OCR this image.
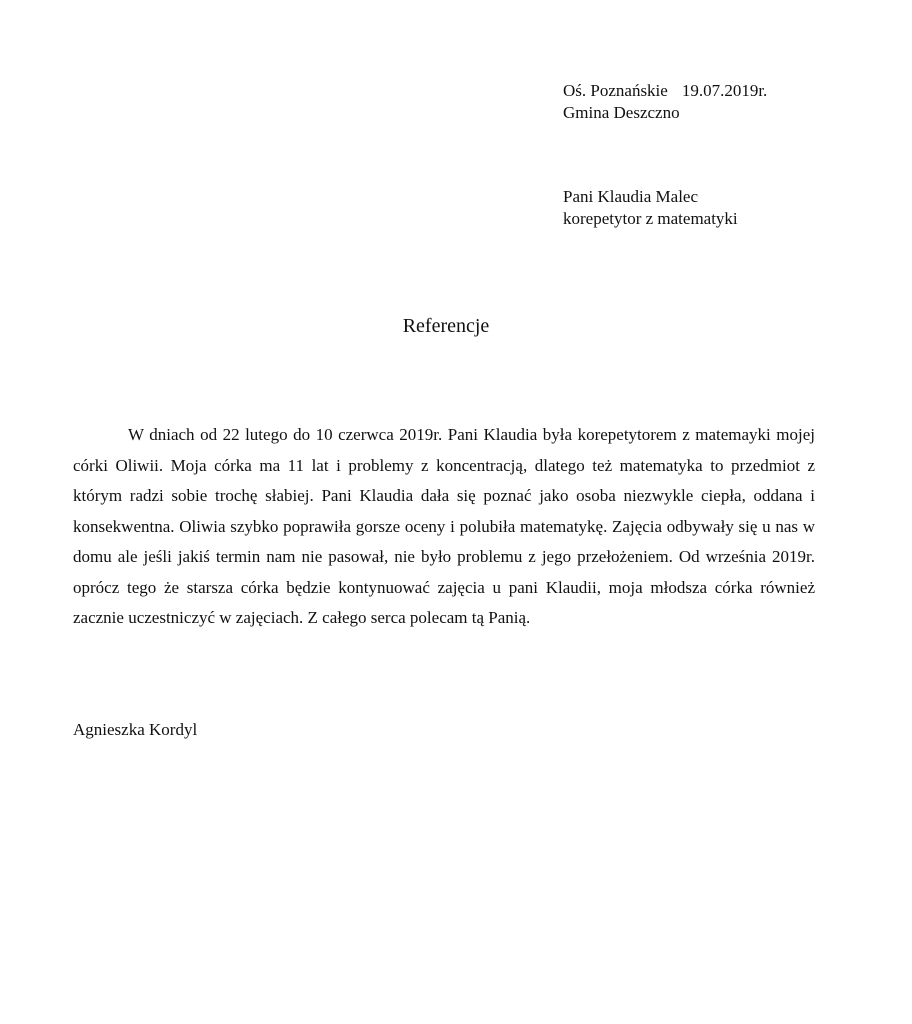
Oś. Poznańskie 19.07.2019r.
Gmina Deszczno
Pani Klaudia Malec
korepetytor z matematyki
Referencje

W dniach od 22 lutego do 10 czerwca 2019r. Pani Klaudia była korepetytorem z matemayki mojej córki Oliwii. Moja córka ma 11 lat i problemy z koncentracją, dlatego też matematyka to przedmiot z którym radzi sobie trochę słabiej. Pani Klaudia dała się poznać jako osoba niezwykle ciepła, oddana i konsekwentna. Oliwia szybko poprawiła gorsze oceny i polubiła matematykę. Zajęcia odbywały się u nas w domu ale jeśli jakiś termin nam nie pasował, nie było problemu z jego przełożeniem. Od września 2019r. oprócz tego że starsza córka będzie kontynuować zajęcia u pani Klaudii, moja młodsza córka również zacznie uczestniczyć w zajęciach. Z całego serca polecam tą Panią.

Agnieszka Kordyl
